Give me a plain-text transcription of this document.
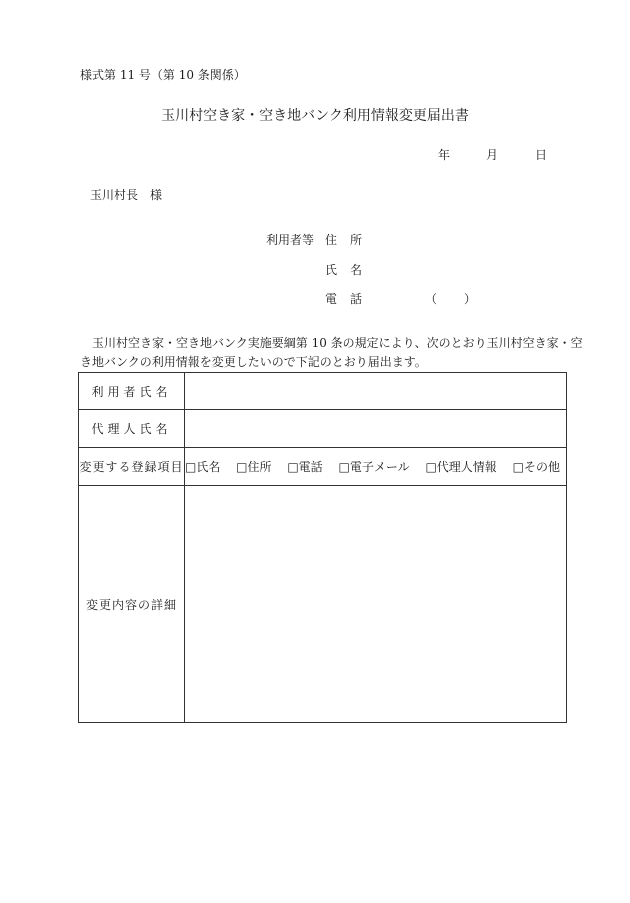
様式第 11 号（第 10 条関係）
玉川村空き家・空き地バンク利用情報変更届出書
年	月	日
玉川村長　様
利用者等 住 所
氏 名
電 話	（ ）

　玉川村空き家・空き地バンク実施要綱第 10 条の規定により、次のとおり玉川村空き家・空

き地バンクの利用情報を変更したいので下記のとおり届出ます。

利用者氏名	
代理人氏名	
変更する登録項目	□氏名 □住所 □電話 □電子メール □代理人情報 □その他
変更内容の詳細	
